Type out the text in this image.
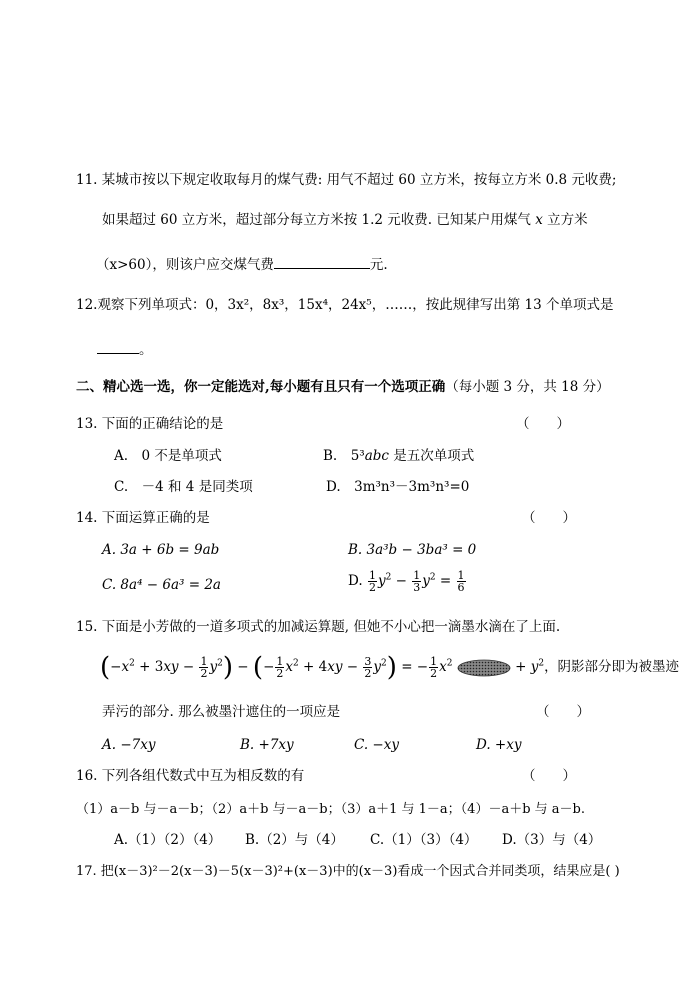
11. 某城市按以下规定收取每月的煤气费: 用气不超过 60 立方米，按每立方米 0.8 元收费;
如果超过 60 立方米，超过部分每立方米按 1.2 元收费. 已知某户用煤气 x 立方米
（x>60），则该户应交煤气费	元.
12.观察下列单项式：0，3x²，8x³，15x⁴，24x⁵，……，按此规律写出第 13 个单项式是
。
二、精心选一选，你一定能选对,每小题有且只有一个选项正确（每小题 3 分，共 18 分）
13. 下面的正确结论的是	（　　）
A.　0 不是单项式	B.　5³abc 是五次单项式
C.　－4 和 4 是同类项	D.　3m³n³－3m³n³=0
14. 下面运算正确的是	（　　）
A. 3a + 6b = 9ab	B. 3a³b − 3ba³ = 0
C. 8a⁴ − 6a³ = 2a	D. $\frac{1}{2} y^2 - \frac{1}{3} y^2 = \frac{1}{6}$
15. 下面是小芳做的一道多项式的加减运算题, 但她不小心把一滴墨水滴在了上面.
$(-x^2 + 3xy - \frac{1}{2} y^2)$ − (− $\frac{1}{2} x^2 + 4xy - \frac{3}{2} y^2$) = − $\frac{1}{2} x^2$	+ $y^2$，阴影部分即为被墨迹
弄污的部分. 那么被墨汁遮住的一项应是	（　　）
A. −7xy	B. +7xy	C. −xy	D. +xy
16. 下列各组代数式中互为相反数的有	（　　）
（1）a－b 与－a－b；（2）a＋b 与－a－b；（3）a＋1 与 1－a；（4）－a＋b 与 a－b.
A.（1）（2）（4） B.（2）与（4） C.（1）（3）（4） D.（3）与（4）
17. 把(x－3)²－2(x－3)－5(x－3)²+(x－3)中的(x－3)看成一个因式合并同类项，结果应是( )
